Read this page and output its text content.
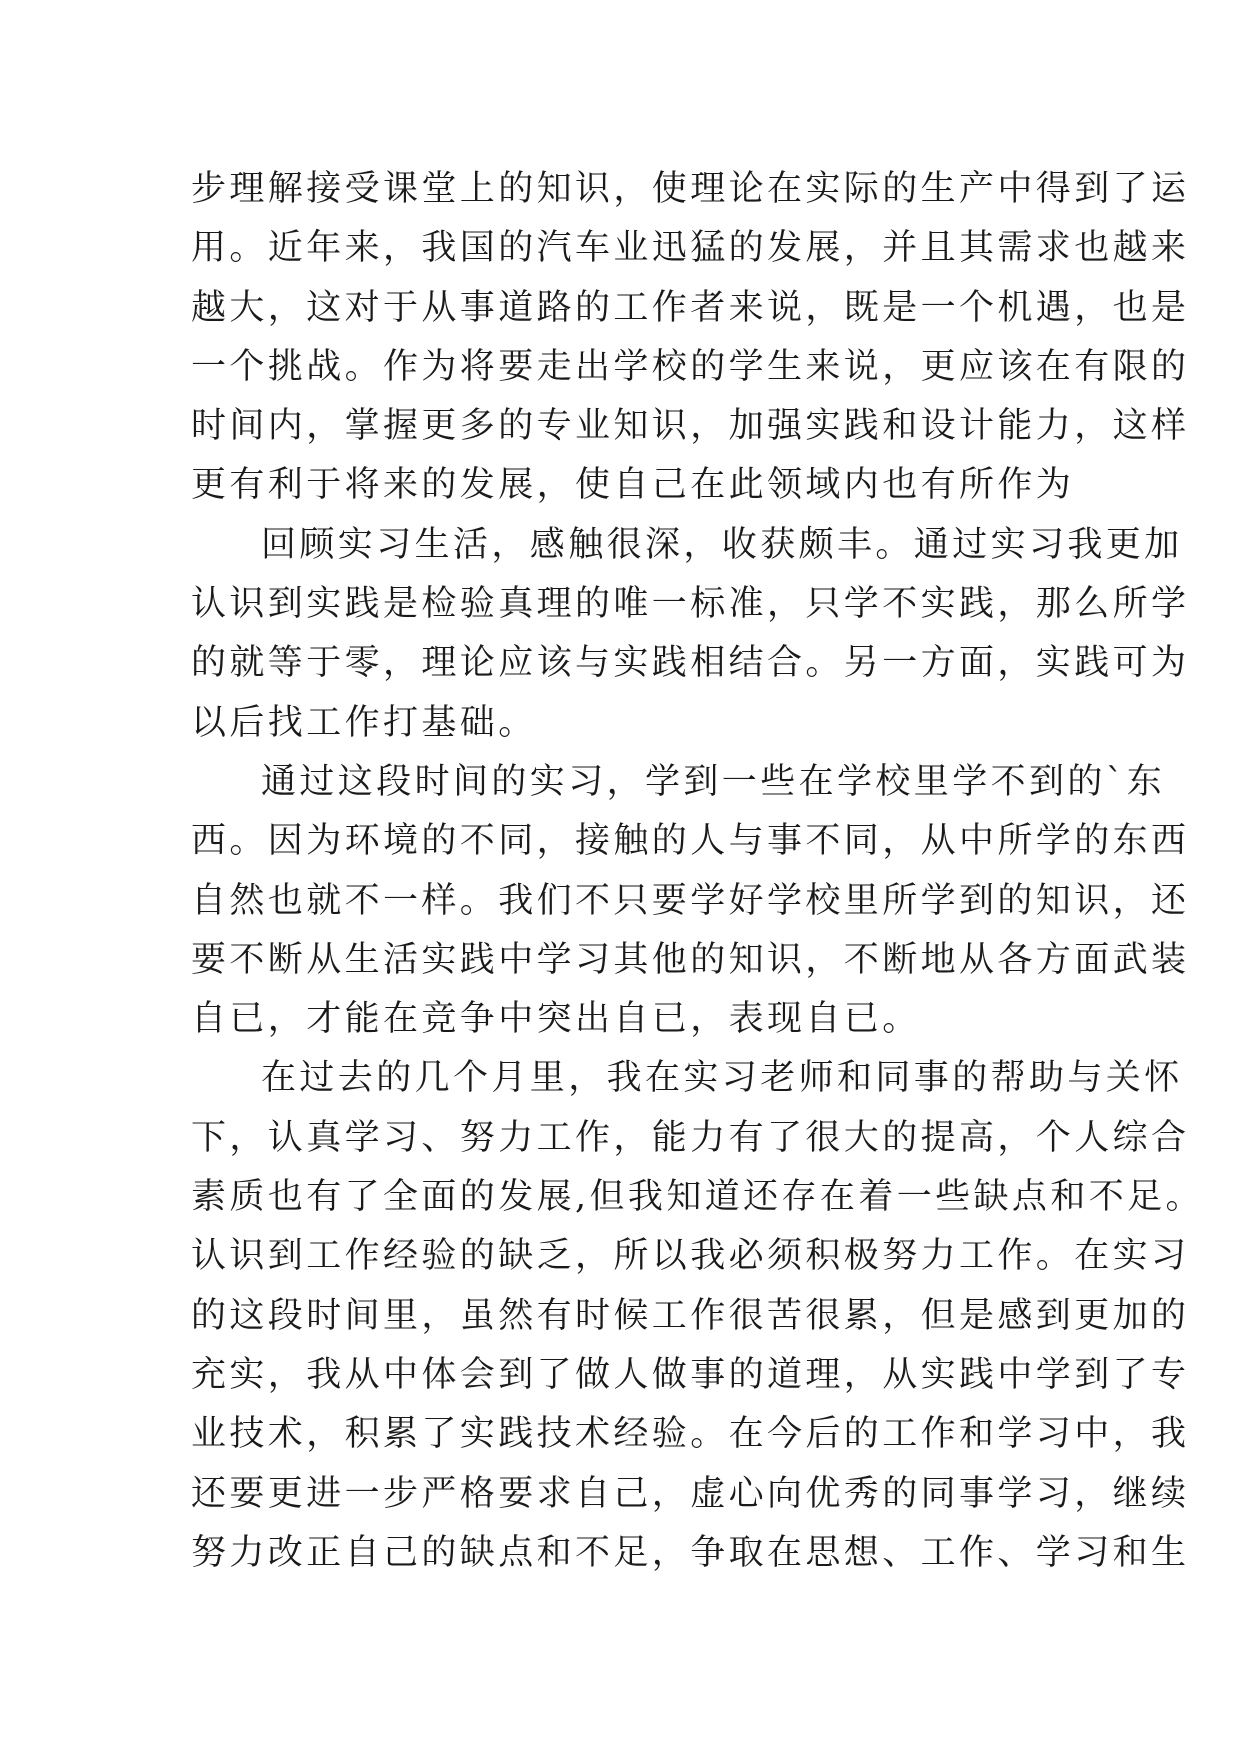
步理解接受课堂上的知识，使理论在实际的生产中得到了运
用。近年来，我国的汽车业迅猛的发展，并且其需求也越来
越大，这对于从事道路的工作者来说，既是一个机遇，也是
一个挑战。作为将要走出学校的学生来说，更应该在有限的
时间内，掌握更多的专业知识，加强实践和设计能力，这样
更有利于将来的发展，使自己在此领域内也有所作为
回顾实习生活，感触很深，收获颇丰。通过实习我更加
认识到实践是检验真理的唯一标准，只学不实践，那么所学
的就等于零，理论应该与实践相结合。另一方面，实践可为
以后找工作打基础。
通过这段时间的实习，学到一些在学校里学不到的`东
西。因为环境的不同，接触的人与事不同，从中所学的东西
自然也就不一样。我们不只要学好学校里所学到的知识，还
要不断从生活实践中学习其他的知识，不断地从各方面武装
自已，才能在竞争中突出自已，表现自已。
在过去的几个月里，我在实习老师和同事的帮助与关怀
下，认真学习、努力工作，能力有了很大的提高，个人综合
素质也有了全面的发展,但我知道还存在着一些缺点和不足。
认识到工作经验的缺乏，所以我必须积极努力工作。在实习
的这段时间里，虽然有时候工作很苦很累，但是感到更加的
充实，我从中体会到了做人做事的道理，从实践中学到了专
业技术，积累了实践技术经验。在今后的工作和学习中，我
还要更进一步严格要求自己，虚心向优秀的同事学习，继续
努力改正自己的缺点和不足，争取在思想、工作、学习和生
